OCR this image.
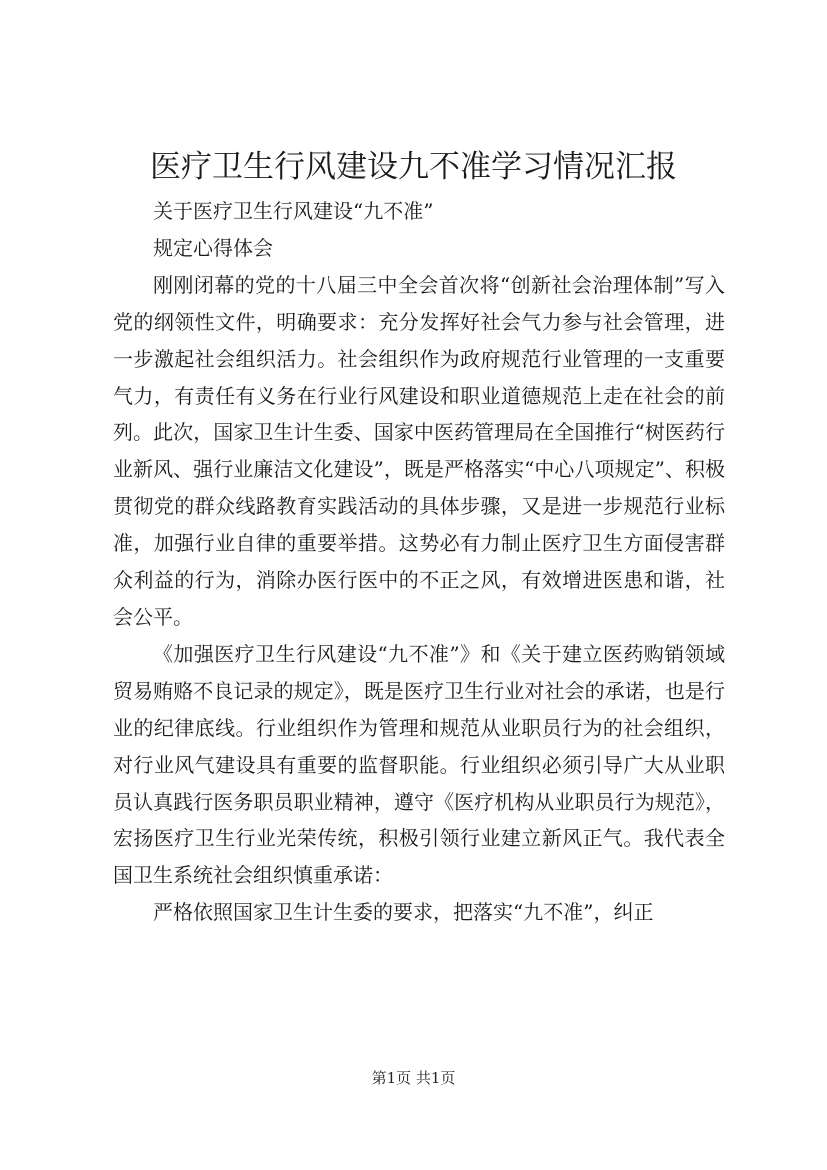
医疗卫生行风建设九不准学习情况汇报

关于医疗卫生行风建设“九不准”

规定心得体会

刚刚闭幕的党的十八届三中全会首次将“创新社会治理体制”写入党的纲领性文件，明确要求：充分发挥好社会气力参与社会管理，进一步激起社会组织活力。社会组织作为政府规范行业管理的一支重要气力，有责任有义务在行业行风建设和职业道德规范上走在社会的前列。此次，国家卫生计生委、国家中医药管理局在全国推行“树医药行业新风、强行业廉洁文化建设”，既是严格落实“中心八项规定”、积极贯彻党的群众线路教育实践活动的具体步骤，又是进一步规范行业标准，加强行业自律的重要举措。这势必有力制止医疗卫生方面侵害群众利益的行为，消除办医行医中的不正之风，有效增进医患和谐，社会公平。

《加强医疗卫生行风建设“九不准”》和《关于建立医药购销领域贸易贿赂不良记录的规定》，既是医疗卫生行业对社会的承诺，也是行业的纪律底线。行业组织作为管理和规范从业职员行为的社会组织，对行业风气建设具有重要的监督职能。行业组织必须引导广大从业职员认真践行医务职员职业精神，遵守《医疗机构从业职员行为规范》，宏扬医疗卫生行业光荣传统，积极引领行业建立新风正气。我代表全国卫生系统社会组织慎重承诺：

严格依照国家卫生计生委的要求，把落实“九不准”，纠正

第1页 共1页
